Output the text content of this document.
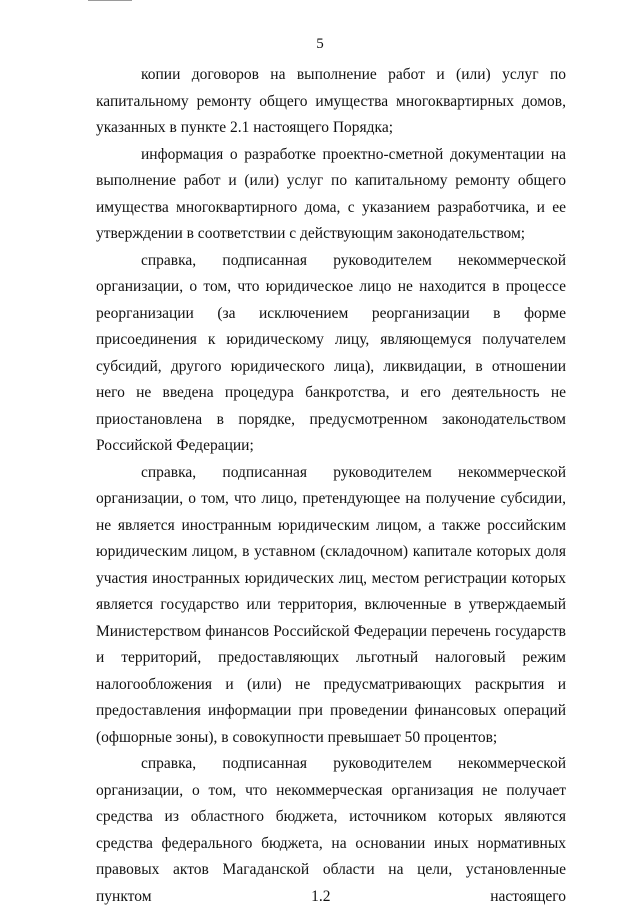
5

копии договоров на выполнение работ и (или) услуг по капитальному ремонту общего имущества многоквартирных домов, указанных в пункте 2.1 настоящего Порядка;

информация о разработке проектно-сметной документации на выполнение работ и (или) услуг по капитальному ремонту общего имущества многоквартирного дома, с указанием разработчика, и ее утверждении в соответствии с действующим законодательством;

справка, подписанная руководителем некоммерческой организации, о том, что юридическое лицо не находится в процессе реорганизации (за исключением реорганизации в форме присоединения к юридическому лицу, являющемуся получателем субсидий, другого юридического лица), ликвидации, в отношении него не введена процедура банкротства, и его деятельность не приостановлена в порядке, предусмотренном законодательством Российской Федерации;

справка, подписанная руководителем некоммерческой организации, о том, что лицо, претендующее на получение субсидии, не является иностранным юридическим лицом, а также российским юридическим лицом, в уставном (складочном) капитале которых доля участия иностранных юридических лиц, местом регистрации которых является государство или территория, включенные в утверждаемый Министерством финансов Российской Федерации перечень государств и территорий, предоставляющих льготный налоговый режим налогообложения и (или) не предусматривающих раскрытия и предоставления информации при проведении финансовых операций (офшорные зоны), в совокупности превышает 50 процентов;

справка, подписанная руководителем некоммерческой организации, о том, что некоммерческая организация не получает средства из областного бюджета, источником которых являются средства федерального бюджета, на основании иных нормативных правовых актов Магаданской области на цели, установленные пунктом 1.2 настоящего
